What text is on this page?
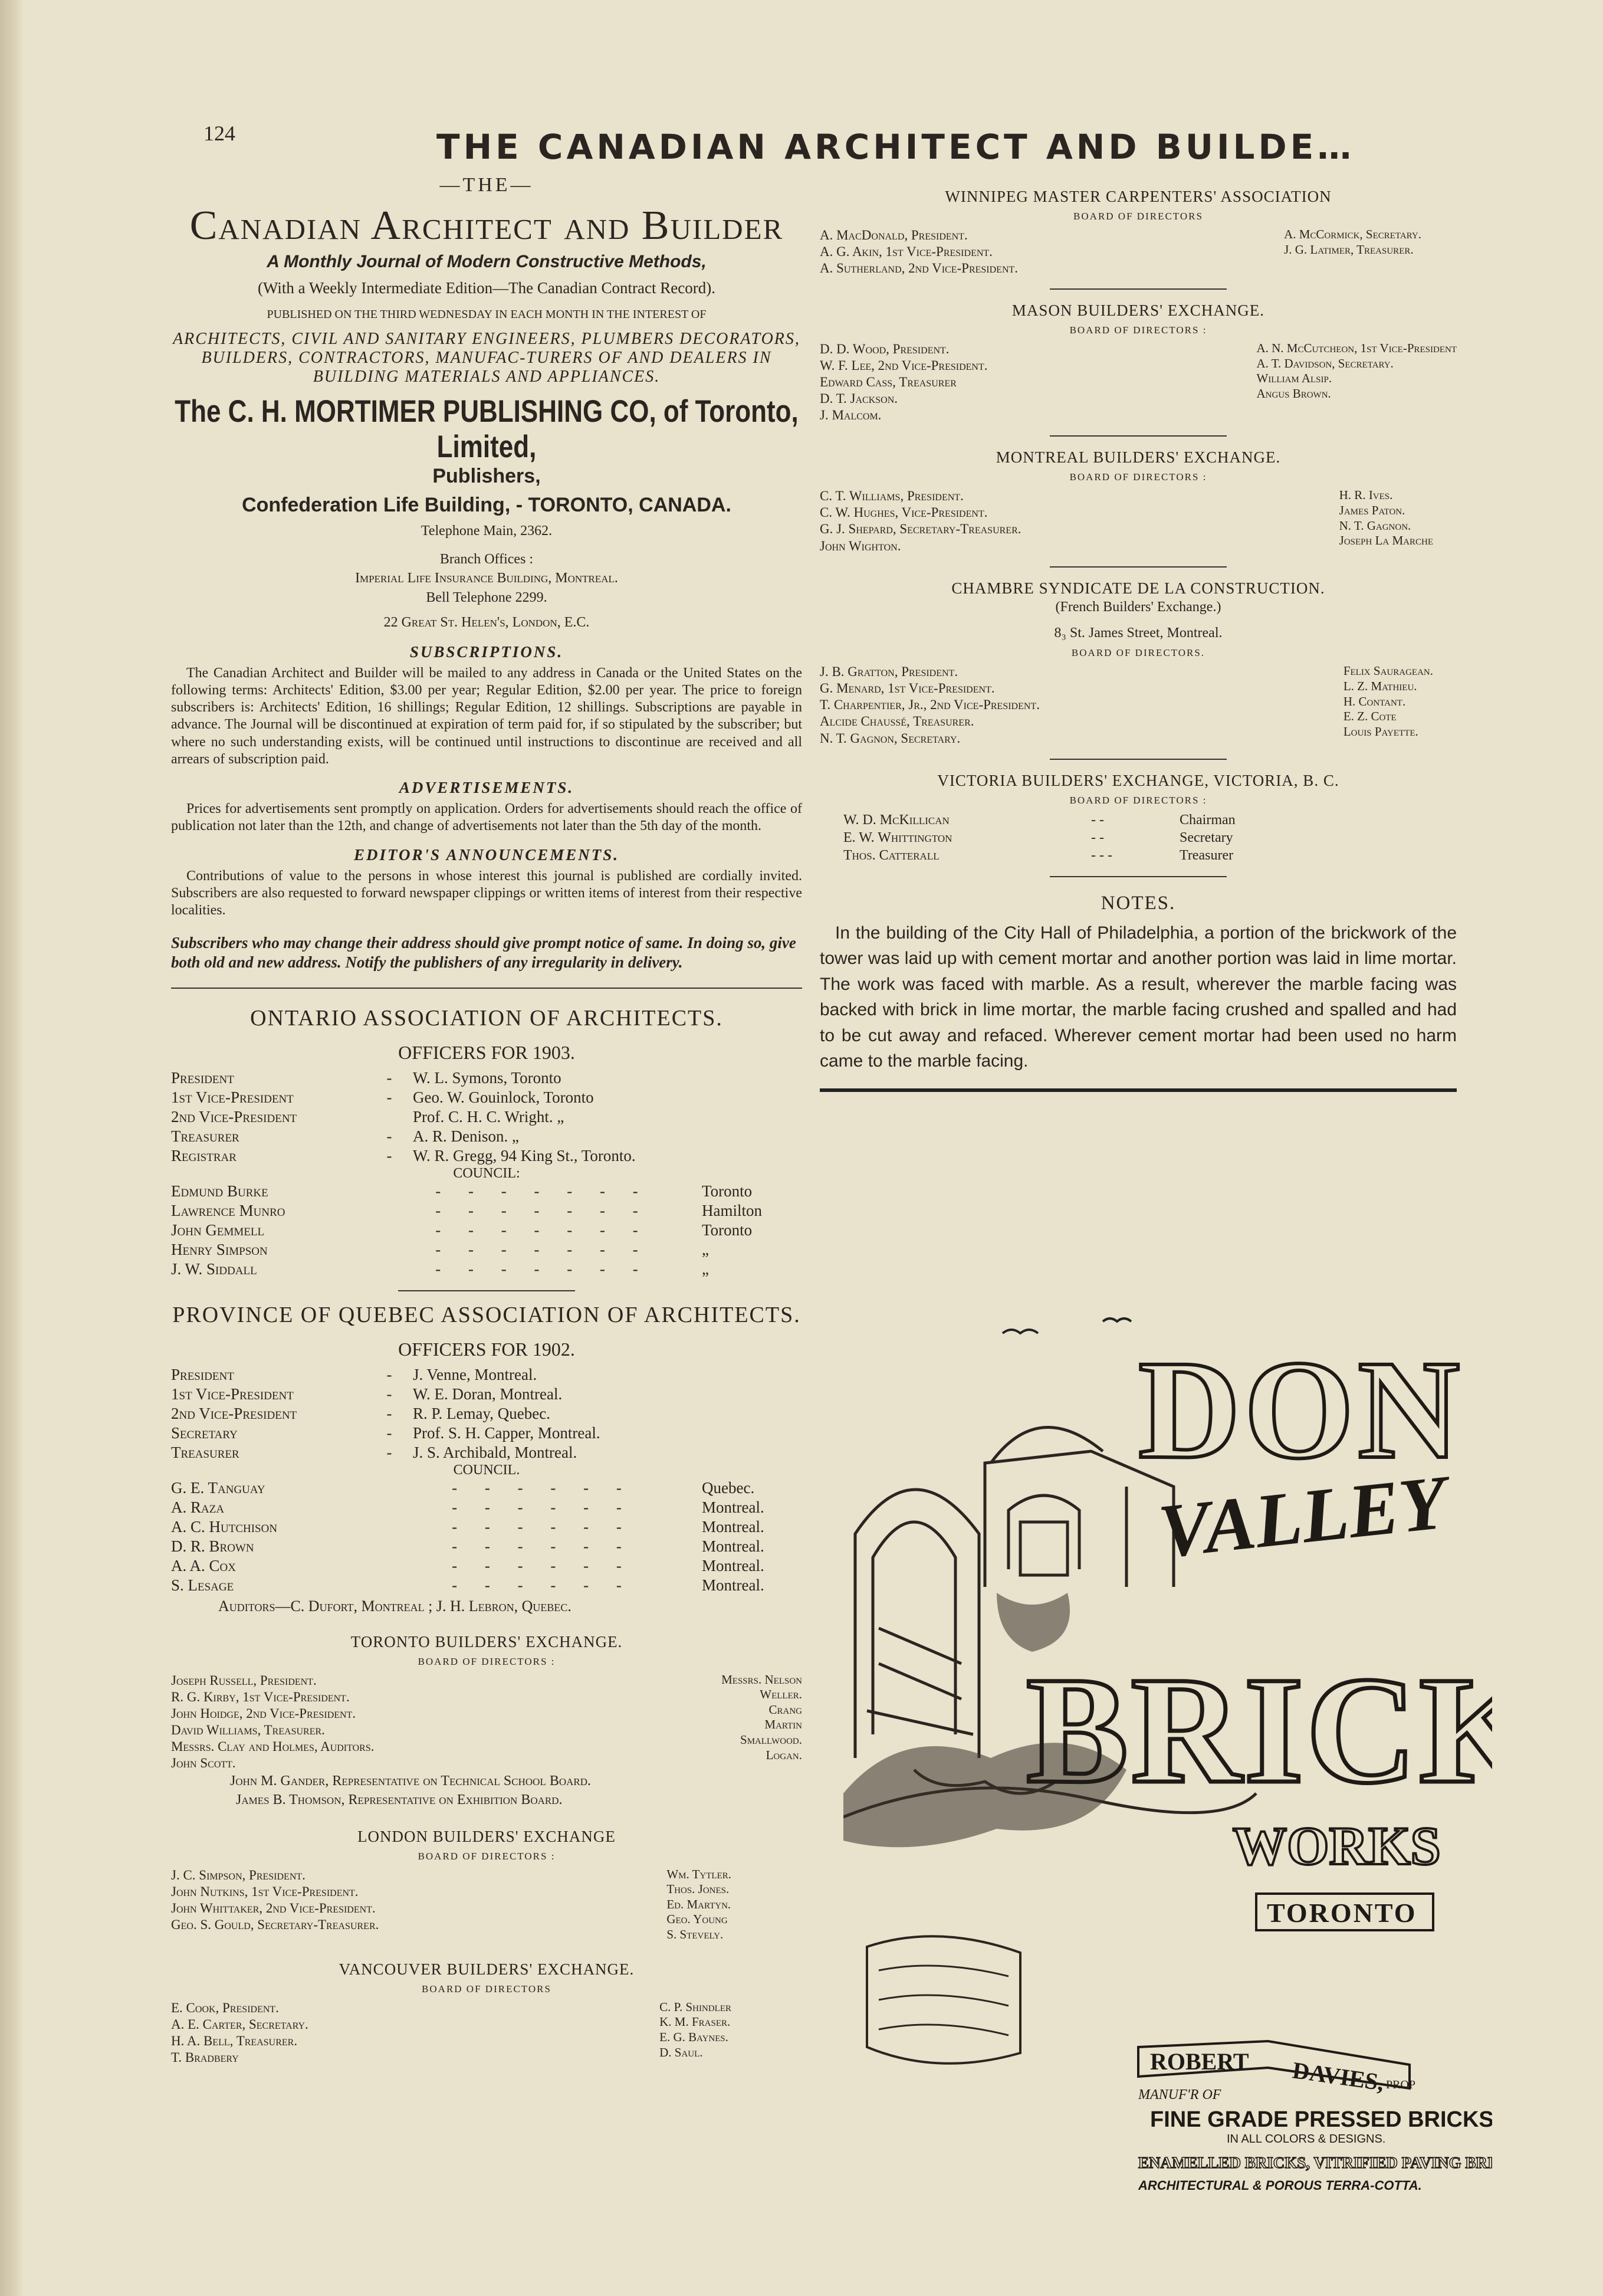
124	THE CANADIAN ARCHITECT AND BUILDE…
—THE—
Canadian Architect and Builder
A Monthly Journal of Modern Constructive Methods,
(With a Weekly Intermediate Edition—The Canadian Contract Record).
PUBLISHED ON THE THIRD WEDNESDAY IN EACH MONTH IN THE INTEREST OF
ARCHITECTS, CIVIL AND SANITARY ENGINEERS, PLUMBERS DECORATORS, BUILDERS, CONTRACTORS, MANUFAC-TURERS OF AND DEALERS IN BUILDING MATERIALS AND APPLIANCES.
The C. H. MORTIMER PUBLISHING CO, of Toronto, Limited,
Publishers,
Confederation Life Building, - TORONTO, CANADA.
Telephone Main, 2362.
Branch Offices :
Imperial Life Insurance Building, Montreal.
Bell Telephone 2299.
22 Great St. Helen's, London, E.C.
SUBSCRIPTIONS.
The Canadian Architect and Builder will be mailed to any address in Canada or the United States on the following terms: Architects' Edition, $3.00 per year; Regular Edition, $2.00 per year. The price to foreign subscribers is: Architects' Edition, 16 shillings; Regular Edition, 12 shillings. Subscriptions are payable in advance. The Journal will be discontinued at expiration of term paid for, if so stipulated by the subscriber; but where no such understanding exists, will be continued until instructions to discontinue are received and all arrears of subscription paid.
ADVERTISEMENTS.
Prices for advertisements sent promptly on application. Orders for advertisements should reach the office of publication not later than the 12th, and change of advertisements not later than the 5th day of the month.
EDITOR'S ANNOUNCEMENTS.
Contributions of value to the persons in whose interest this journal is published are cordially invited. Subscribers are also requested to forward newspaper clippings or written items of interest from their respective localities.
Subscribers who may change their address should give prompt notice of same. In doing so, give both old and new address. Notify the publishers of any irregularity in delivery.
ONTARIO ASSOCIATION OF ARCHITECTS.
OFFICERS FOR 1903.
President	-	W. L. Symons, Toronto
1st Vice-President	-	Geo. W. Gouinlock, Toronto
2nd Vice-President	Prof. C. H. C. Wright. „
Treasurer	-	A. R. Denison. „
Registrar	-	W. R. Gregg, 94 King St., Toronto.
COUNCIL:
Edmund Burke	- - - - - - -	Toronto
Lawrence Munro	- - - - - - -	Hamilton
John Gemmell	- - - - - - -	Toronto
Henry Simpson	- - - - - - -	„
J. W. Siddall	- - - - - - -	„
PROVINCE OF QUEBEC ASSOCIATION OF ARCHITECTS.
OFFICERS FOR 1902.
President	-	J. Venne, Montreal.
1st Vice-President	-	W. E. Doran, Montreal.
2nd Vice-President	-	R. P. Lemay, Quebec.
Secretary	-	Prof. S. H. Capper, Montreal.
Treasurer	-	J. S. Archibald, Montreal.
COUNCIL.
G. E. Tanguay	- - - - - -	Quebec.
A. Raza	- - - - - -	Montreal.
A. C. Hutchison	- - - - - -	Montreal.
D. R. Brown	- - - - - -	Montreal.
A. A. Cox	- - - - - -	Montreal.
S. Lesage	- - - - - -	Montreal.
Auditors—C. Dufort, Montreal ; J. H. Lebron, Quebec.
TORONTO BUILDERS' EXCHANGE.
BOARD OF DIRECTORS :
Joseph Russell, President.
R. G. Kirby, 1st Vice-President.
John Hoidge, 2nd Vice-President.
David Williams, Treasurer.
Messrs. Clay and Holmes, Auditors.
John Scott.
Messrs. Nelson
Weller.
Crang
Martin
Smallwood.
Logan.
John M. Gander, Representative on Technical School Board.
James B. Thomson, Representative on Exhibition Board.
LONDON BUILDERS' EXCHANGE
BOARD OF DIRECTORS :
J. C. Simpson, President.
John Nutkins, 1st Vice-President.
John Whittaker, 2nd Vice-President.
Geo. S. Gould, Secretary-Treasurer.
Wm. Tytler.
Thos. Jones.
Ed. Martyn.
Geo. Young
S. Stevely.
VANCOUVER BUILDERS' EXCHANGE.
BOARD OF DIRECTORS
E. Cook, President.
A. E. Carter, Secretary.
H. A. Bell, Treasurer.
T. Bradbery
C. P. Shindler
K. M. Fraser.
E. G. Baynes.
D. Saul.
WINNIPEG MASTER CARPENTERS' ASSOCIATION
BOARD OF DIRECTORS
A. MacDonald, President.
A. G. Akin, 1st Vice-President.
A. Sutherland, 2nd Vice-President.
A. McCormick, Secretary.
J. G. Latimer, Treasurer.
MASON BUILDERS' EXCHANGE.
BOARD OF DIRECTORS :
D. D. Wood, President.
W. F. Lee, 2nd Vice-President.
Edward Cass, Treasurer
D. T. Jackson.
J. Malcom.
A. N. McCutcheon, 1st Vice-President
A. T. Davidson, Secretary.
William Alsip.
Angus Brown.
MONTREAL BUILDERS' EXCHANGE.
BOARD OF DIRECTORS :
C. T. Williams, President.
C. W. Hughes, Vice-President.
G. J. Shepard, Secretary-Treasurer.
John Wighton.
H. R. Ives.
James Paton.
N. T. Gagnon.
Joseph La Marche
CHAMBRE SYNDICATE DE LA CONSTRUCTION.
(French Builders' Exchange.)
8₃ St. James Street, Montreal.
BOARD OF DIRECTORS.
J. B. Gratton, President.
G. Menard, 1st Vice-President.
T. Charpentier, Jr., 2nd Vice-President.
Alcide Chaussé, Treasurer.
N. T. Gagnon, Secretary.
Felix Sauragean.
L. Z. Mathieu.
H. Contant.
E. Z. Cote
Louis Payette.
VICTORIA BUILDERS' EXCHANGE, VICTORIA, B. C.
BOARD OF DIRECTORS :
W. D. McKillican	- -	Chairman
E. W. Whittington	- -	Secretary
Thos. Catterall	- - -	Treasurer
NOTES.
In the building of the City Hall of Philadelphia, a portion of the brickwork of the tower was laid up with cement mortar and another portion was laid in lime mortar. The work was faced with marble. As a result, wherever the marble facing was backed with brick in lime mortar, the marble facing crushed and spalled and had to be cut away and refaced. Wherever cement mortar had been used no harm came to the marble facing.
DON
VALLEY
BRICK
WORKS
TORONTO
ROBERT DAVIES, PROP
MANUF'R OF
FINE GRADE PRESSED BRICKS,
IN ALL COLORS & DESIGNS.
ENAMELLED BRICKS, VITRIFIED PAVING BRICKS,
ARCHITECTURAL & POROUS TERRA-COTTA.
